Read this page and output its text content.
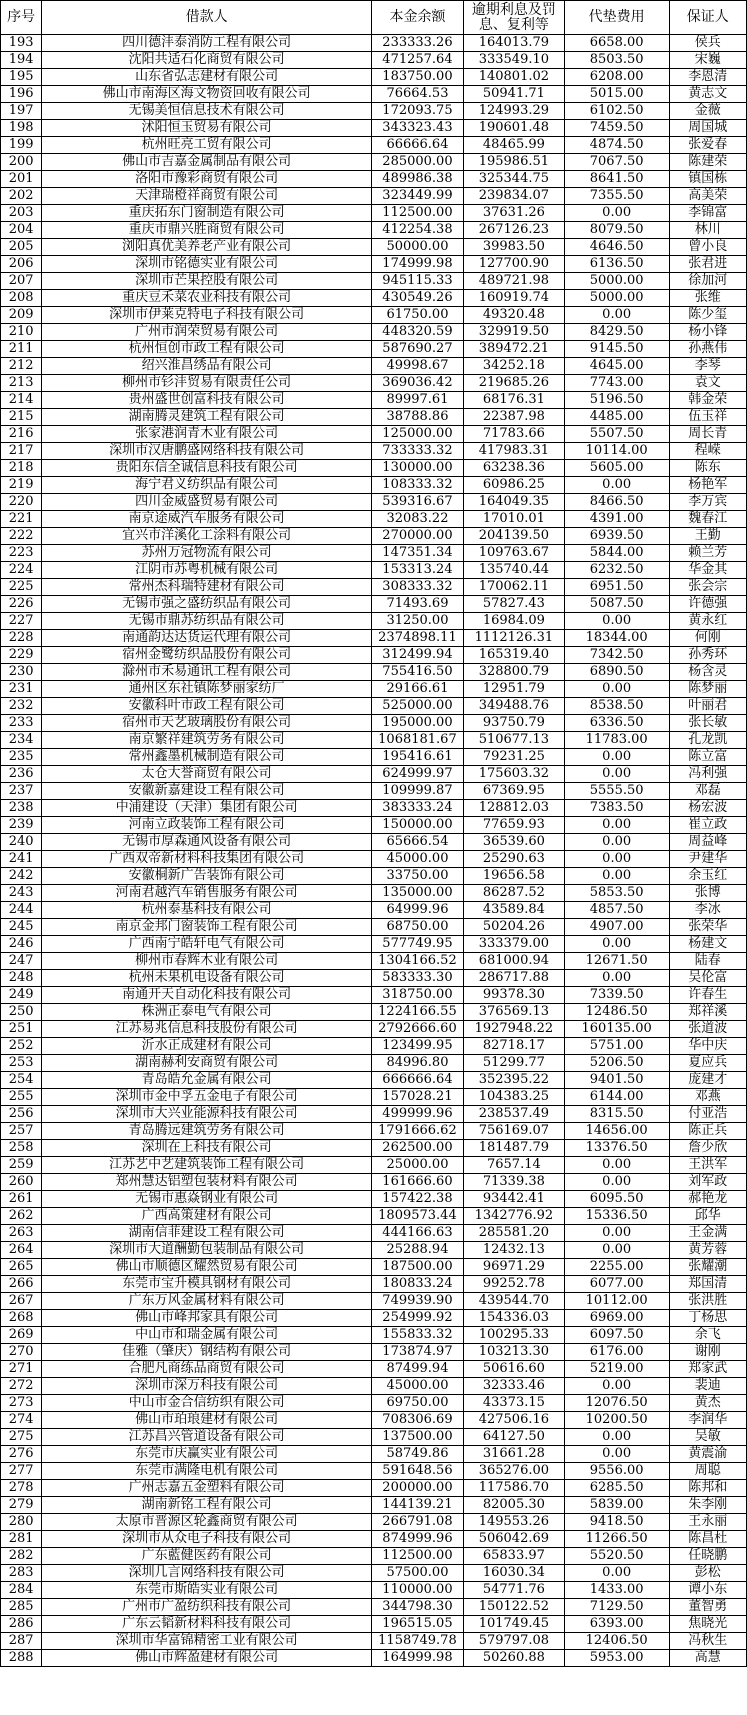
序号	借款人	本金余额	逾期利息及罚息、复利等	代垫费用	保证人
193	四川德沣泰消防工程有限公司	233333.26	164013.79	6658.00	侯兵
194	沈阳共适石化商贸有限公司	471257.64	333549.10	8503.50	宋巍
195	山东省弘志建材有限公司	183750.00	140801.02	6208.00	李恩清
196	佛山市南海区海文物资回收有限公司	76664.53	50941.71	5015.00	黄志文
197	无锡美恒信息技术有限公司	172093.75	124993.29	6102.50	金薇
198	沭阳恒玉贸易有限公司	343323.43	190601.48	7459.50	周国城
199	杭州旺亮工贸有限公司	66666.64	48465.99	4874.50	张爱春
200	佛山市吉嘉金属制品有限公司	285000.00	195986.51	7067.50	陈建荣
201	洛阳市豫彩商贸有限公司	489986.38	325344.75	8641.50	镇国栋
202	天津瑞橙祥商贸有限公司	323449.99	239834.07	7355.50	高美荣
203	重庆拓东门窗制造有限公司	112500.00	37631.26	0.00	李锦富
204	重庆市鼎兴胜商贸有限公司	412254.38	267126.23	8079.50	林川
205	浏阳真优美养老产业有限公司	50000.00	39983.50	4646.50	曾小良
206	深圳市铭德实业有限公司	174999.98	127700.90	6136.50	张君进
207	深圳市芒果控股有限公司	945115.33	489721.98	5000.00	徐加河
208	重庆豆禾菜农业科技有限公司	430549.26	160919.74	5000.00	张维
209	深圳市伊莱克特电子科技有限公司	61750.00	49320.48	0.00	陈少玺
210	广州市润荣贸易有限公司	448320.59	329919.50	8429.50	杨小锋
211	杭州恒创市政工程有限公司	587690.27	389472.21	9145.50	孙燕伟
212	绍兴淮昌绣品有限公司	49998.67	34252.18	4645.00	李琴
213	柳州市钐沣贸易有限责任公司	369036.42	219685.26	7743.00	袁文
214	贵州盛世创富科技有限公司	89997.61	68176.31	5196.50	韩金荣
215	湖南腾灵建筑工程有限公司	38788.86	22387.98	4485.00	伍玉祥
216	张家港润青木业有限公司	125000.00	71783.66	5507.50	周长青
217	深圳市汉唐鹏盛网络科技有限公司	733333.32	417983.31	10114.00	程嵘
218	贵阳东信全诚信息科技有限公司	130000.00	63238.36	5605.00	陈东
219	海宁君义纺织品有限公司	108333.32	60986.25	0.00	杨艳军
220	四川金威盛贸易有限公司	539316.67	164049.35	8466.50	李万宾
221	南京途威汽车服务有限公司	32083.22	17010.01	4391.00	魏春江
222	宜兴市洋溪化工涂料有限公司	270000.00	204139.50	6939.50	王勤
223	苏州万冠物流有限公司	147351.34	109763.67	5844.00	赖兰芳
224	江阴市苏粤机械有限公司	153313.24	135740.44	6232.50	华金其
225	常州杰科瑞特建材有限公司	308333.32	170062.11	6951.50	张会宗
226	无锡市强之盛纺织品有限公司	71493.69	57827.43	5087.50	许德强
227	无锡市鼎苏纺织品有限公司	31250.00	16984.09	0.00	黄永红
228	南通韵达达货运代理有限公司	2374898.11	1112126.31	18344.00	何刚
229	宿州金鹭纺织品股份有限公司	312499.94	165319.40	7342.50	孙秀环
230	滁州市禾易通讯工程有限公司	755416.50	328800.79	6890.50	杨含灵
231	通州区东社镇陈梦丽家纺厂	29166.61	12951.79	0.00	陈梦丽
232	安徽科叶市政工程有限公司	525000.00	349488.76	8538.50	叶丽君
233	宿州市天艺玻璃股份有限公司	195000.00	93750.79	6336.50	张长敏
234	南京繁祥建筑劳务有限公司	1068181.67	510677.13	11783.00	孔龙凯
235	常州鑫墨机械制造有限公司	195416.61	79231.25	0.00	陈立富
236	太仓大誉商贸有限公司	624999.97	175603.32	0.00	冯利强
237	安徽新嘉建设工程有限公司	109999.87	67369.95	5555.50	邓磊
238	中浦建设（天津）集团有限公司	383333.24	128812.03	7383.50	杨宏波
239	河南立政装饰工程有限公司	150000.00	77659.93	0.00	崔立政
240	无锡市厚森通风设备有限公司	65666.54	36539.60	0.00	周益峰
241	广西双帝新材料科技集团有限公司	45000.00	25290.63	0.00	尹建华
242	安徽桐新广告装饰有限公司	33750.00	19656.58	0.00	余玉红
243	河南君越汽车销售服务有限公司	135000.00	86287.52	5853.50	张博
244	杭州泰基科技有限公司	64999.96	43589.84	4857.50	李冰
245	南京金邦门窗装饰工程有限公司	68750.00	50204.26	4907.00	张荣华
246	广西南宁皓轩电气有限公司	577749.95	333379.00	0.00	杨建文
247	柳州市春辉木业有限公司	1304166.52	681000.94	12671.50	陆春
248	杭州未果机电设备有限公司	583333.30	286717.88	0.00	吴伦富
249	南通开天自动化科技有限公司	318750.00	99378.30	7339.50	许春生
250	株洲正泰电气有限公司	1224166.55	376569.13	12486.50	郑祥溪
251	江苏易兆信息科技股份有限公司	2792666.60	1927948.22	160135.00	张道波
252	沂水正成建材有限公司	123499.95	82718.17	5751.00	华中庆
253	湖南赫利安商贸有限公司	84996.80	51299.77	5206.50	夏应兵
254	青岛皓允金属有限公司	666666.64	352395.22	9401.50	庞建才
255	深圳市金中孚五金电子有限公司	157028.21	104383.25	6144.00	邓燕
256	深圳市大兴业能源科技有限公司	499999.96	238537.49	8315.50	付亚浩
257	青岛腾远建筑劳务有限公司	1791666.62	756169.07	14656.00	陈正兵
258	深圳在上科技有限公司	262500.00	181487.79	13376.50	詹少欣
259	江苏艺中艺建筑装饰工程有限公司	25000.00	7657.14	0.00	王洪军
260	郑州慧达铝塑包装材料有限公司	161666.60	71339.38	0.00	刘军政
261	无锡市惠焱钢业有限公司	157422.38	93442.41	6095.50	郝艳龙
262	广西高策建材有限公司	1809573.44	1342776.92	15336.50	邱华
263	湖南信菲建设工程有限公司	444166.63	285581.20	0.00	王金满
264	深圳市大道酬勤包装制品有限公司	25288.94	12432.13	0.00	黄芳蓉
265	佛山市顺德区耀然贸易有限公司	187500.00	96971.29	2255.00	张耀潮
266	东莞市宝升模具钢材有限公司	180833.24	99252.78	6077.00	郑国清
267	广东万风金属材料有限公司	749939.90	439544.70	10112.00	张洪胜
268	佛山市峰邦家具有限公司	254999.92	154336.03	6969.00	丁杨思
269	中山市和瑞金属有限公司	155833.32	100295.33	6097.50	余飞
270	佳雅（肇庆）钢结构有限公司	173874.97	103213.30	6176.00	谢刚
271	合肥凡商练品商贸有限公司	87499.94	50616.60	5219.00	郑家武
272	深圳市深万科技有限公司	45000.00	32333.46	0.00	裴迪
273	中山市金合信纺织有限公司	69750.00	43373.15	12076.50	黄杰
274	佛山市珀琅建材有限公司	708306.69	427506.16	10200.50	李润华
275	江苏昌兴管道设备有限公司	137500.00	64127.50	0.00	吴敏
276	东莞市庆赢实业有限公司	58749.86	31661.28	0.00	黄震渝
277	东莞市满隆电机有限公司	591648.56	365276.00	9556.00	周聪
278	广州志嘉五金塑料有限公司	200000.00	117586.70	6285.50	陈邦和
279	湖南新铭工程有限公司	144139.21	82005.30	5839.00	朱李刚
280	太原市晋源区轮鑫商贸有限公司	266791.08	149553.26	9418.50	王永丽
281	深圳市从众电子科技有限公司	874999.96	506042.69	11266.50	陈昌杜
282	广东藍健医药有限公司	112500.00	65833.97	5520.50	任晓鹏
283	深圳几言网络科技有限公司	57500.00	16030.34	0.00	彭松
284	东莞市斯皓实业有限公司	110000.00	54771.76	1433.00	谭小东
285	广州市广盈纺织科技有限公司	344798.30	150122.52	7129.50	董智勇
286	广东云韬新材料科技有限公司	196515.05	101749.45	6393.00	焦晓光
287	深圳市华富锦精密工业有限公司	1158749.78	579797.08	12406.50	冯秋生
288	佛山市辉盈建材有限公司	164999.98	50260.88	5953.00	高慧
